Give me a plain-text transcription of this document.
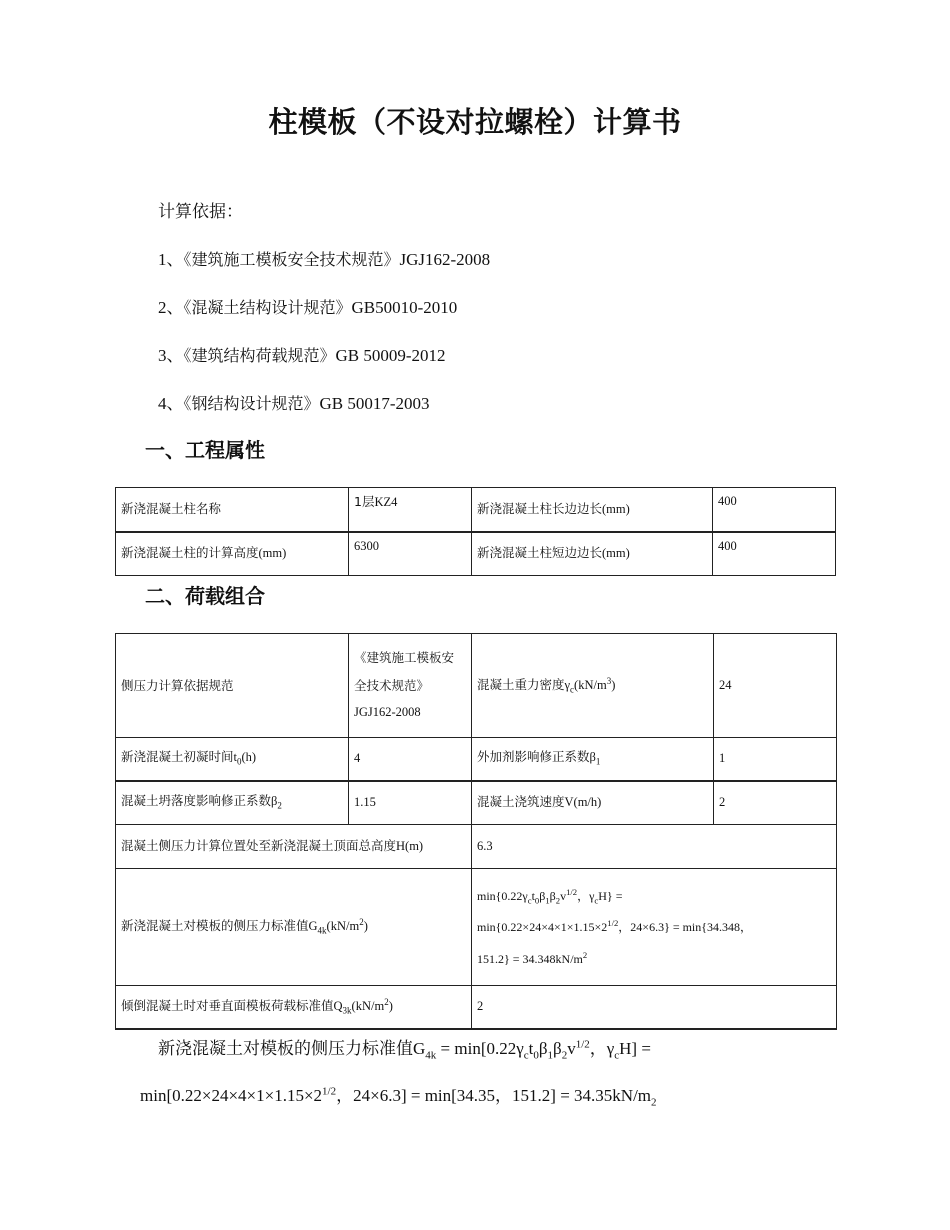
柱模板（不设对拉螺栓）计算书
计算依据：
1、《建筑施工模板安全技术规范》JGJ162-2008
2、《混凝土结构设计规范》GB50010-2010
3、《建筑结构荷载规范》GB 50009-2012
4、《钢结构设计规范》GB 50017-2003
一、工程属性
新浇混凝土柱名称	1层KZ4	新浇混凝土柱长边边长(mm)	400
新浇混凝土柱的计算高度(mm)	6300	新浇混凝土柱短边边长(mm)	400
二、荷载组合
侧压力计算依据规范	《建筑施工模板安
全技术规范》
JGJ162-2008	混凝土重力密度$\gamma_c(kN/m^3)$	24
新浇混凝土初凝时间$t_0(h)$	4	外加剂影响修正系数$\beta_1$	1
混凝土坍落度影响修正系数$\beta_2$	1.15	混凝土浇筑速度V(m/h)	2
混凝土侧压力计算位置处至新浇混凝土顶面总高度H(m)		6.3	
新浇混凝土对模板的侧压力标准值$G_{4k}(kN/m^2)$		$\min\{0.22\gamma_ct_0\beta_1\beta_2v^{1/2}$，$\gamma_cH$} =
$\min\{0.22\times 24\times 4\times 1\times 1.15\times 2^{1/2}$，24×6.3} = min{34.348，
$151.2\} = 34.348kN/m^2$

倾倒混凝土时对垂直面模板荷载标准值$Q_{3k}(kN/m^2)$		2	
新浇混凝土对模板的侧压力标准值$G_{4k} = \min[0.22\gamma_ct_0\beta_1\beta_2v^{1/2}$，$\gamma_cH$] =
$\min[0.22\times 24\times 4\times 1\times 1.15\times 2^{1/2}$，24×6.3] = min[34.35，$151.2] = 34.35kN/m_2$
